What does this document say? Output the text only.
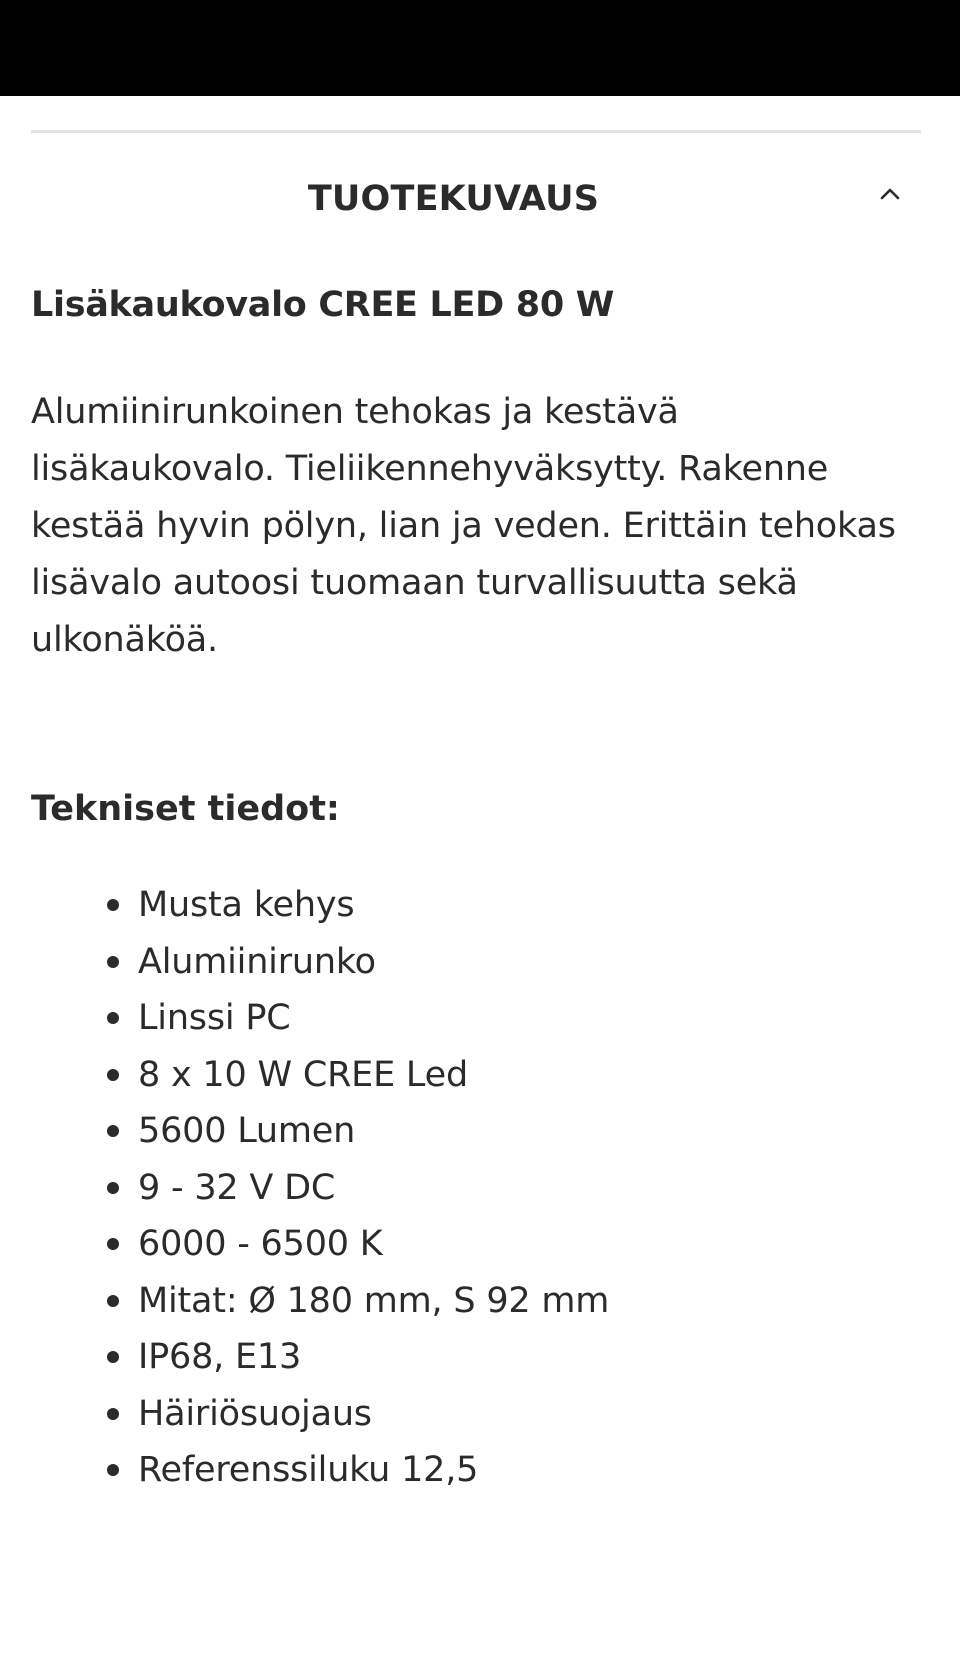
TUOTEKUVAUS
Lisäkaukovalo CREE LED 80 W

Alumiinirunkoinen tehokas ja kestävä lisäkaukovalo. Tieliikennehyväksytty. Rakenne kestää hyvin pölyn, lian ja veden. Erittäin tehokas lisävalo autoosi tuomaan turvallisuutta sekä ulkonäköä.

Tekniset tiedot:
Musta kehys
Alumiinirunko
Linssi PC
8 x 10 W CREE Led
5600 Lumen
9 - 32 V DC
6000 - 6500 K
Mitat: Ø 180 mm, S 92 mm
IP68, E13
Häiriösuojaus
Referenssiluku 12,5
